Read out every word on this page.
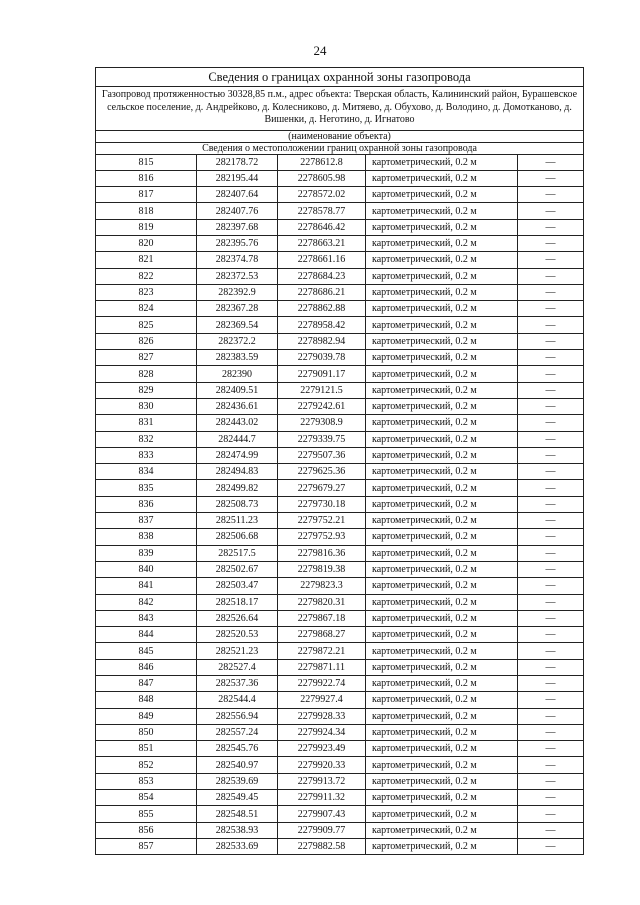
24
Сведения о границах охранной зоны газопровода
Газопровод протяженностью 30328,85 п.м., адрес объекта: Тверская область, Калининский район, Бурашевское сельское поселение, д. Андрейково, д. Колесниково, д. Митяево, д. Обухово, д. Володино, д. Домотканово, д. Вишенки, д. Неготино, д. Игнатово
(наименование объекта)
Сведения о местоположении границ охранной зоны газопровода
815	282178.72	2278612.8	картометрический, 0.2 м	—
816	282195.44	2278605.98	картометрический, 0.2 м	—
817	282407.64	2278572.02	картометрический, 0.2 м	—
818	282407.76	2278578.77	картометрический, 0.2 м	—
819	282397.68	2278646.42	картометрический, 0.2 м	—
820	282395.76	2278663.21	картометрический, 0.2 м	—
821	282374.78	2278661.16	картометрический, 0.2 м	—
822	282372.53	2278684.23	картометрический, 0.2 м	—
823	282392.9	2278686.21	картометрический, 0.2 м	—
824	282367.28	2278862.88	картометрический, 0.2 м	—
825	282369.54	2278958.42	картометрический, 0.2 м	—
826	282372.2	2278982.94	картометрический, 0.2 м	—
827	282383.59	2279039.78	картометрический, 0.2 м	—
828	282390	2279091.17	картометрический, 0.2 м	—
829	282409.51	2279121.5	картометрический, 0.2 м	—
830	282436.61	2279242.61	картометрический, 0.2 м	—
831	282443.02	2279308.9	картометрический, 0.2 м	—
832	282444.7	2279339.75	картометрический, 0.2 м	—
833	282474.99	2279507.36	картометрический, 0.2 м	—
834	282494.83	2279625.36	картометрический, 0.2 м	—
835	282499.82	2279679.27	картометрический, 0.2 м	—
836	282508.73	2279730.18	картометрический, 0.2 м	—
837	282511.23	2279752.21	картометрический, 0.2 м	—
838	282506.68	2279752.93	картометрический, 0.2 м	—
839	282517.5	2279816.36	картометрический, 0.2 м	—
840	282502.67	2279819.38	картометрический, 0.2 м	—
841	282503.47	2279823.3	картометрический, 0.2 м	—
842	282518.17	2279820.31	картометрический, 0.2 м	—
843	282526.64	2279867.18	картометрический, 0.2 м	—
844	282520.53	2279868.27	картометрический, 0.2 м	—
845	282521.23	2279872.21	картометрический, 0.2 м	—
846	282527.4	2279871.11	картометрический, 0.2 м	—
847	282537.36	2279922.74	картометрический, 0.2 м	—
848	282544.4	2279927.4	картометрический, 0.2 м	—
849	282556.94	2279928.33	картометрический, 0.2 м	—
850	282557.24	2279924.34	картометрический, 0.2 м	—
851	282545.76	2279923.49	картометрический, 0.2 м	—
852	282540.97	2279920.33	картометрический, 0.2 м	—
853	282539.69	2279913.72	картометрический, 0.2 м	—
854	282549.45	2279911.32	картометрический, 0.2 м	—
855	282548.51	2279907.43	картометрический, 0.2 м	—
856	282538.93	2279909.77	картометрический, 0.2 м	—
857	282533.69	2279882.58	картометрический, 0.2 м	—
